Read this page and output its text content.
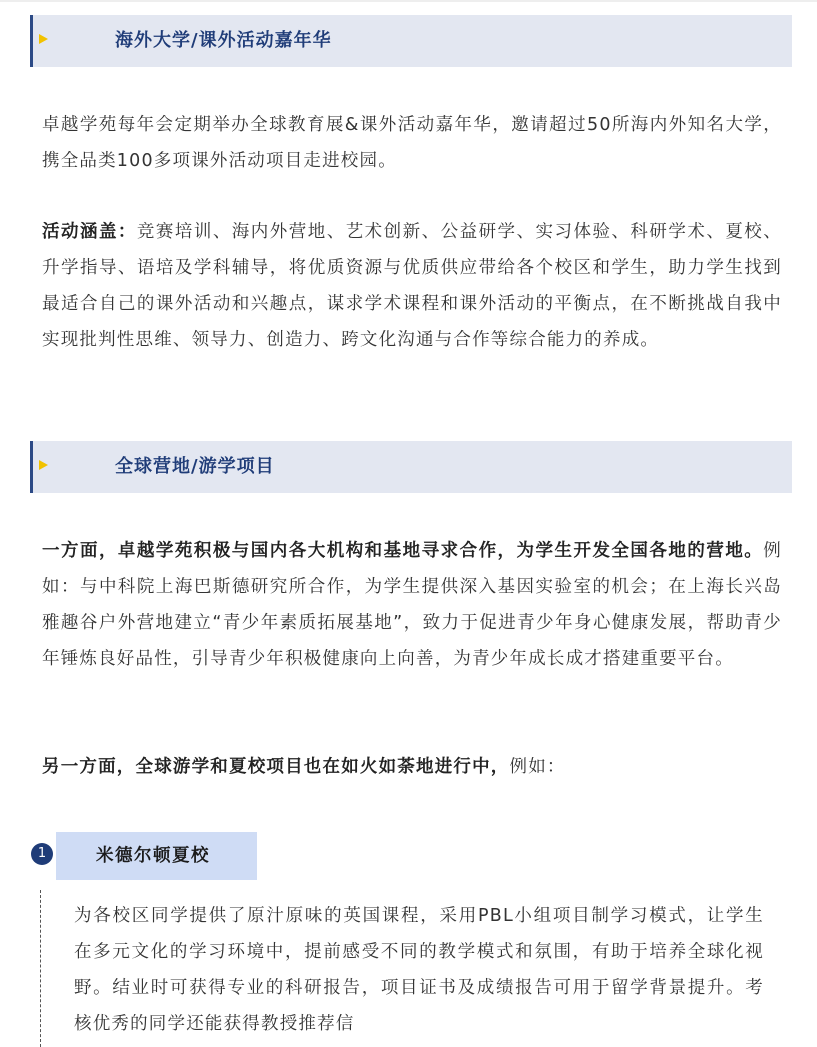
海外大学/课外活动嘉年华

卓越学苑每年会定期举办全球教育展&课外活动嘉年华，邀请超过50所海内外知名大学，携全品类100多项课外活动项目走进校园。

活动涵盖：竞赛培训、海内外营地、艺术创新、公益研学、实习体验、科研学术、夏校、升学指导、语培及学科辅导，将优质资源与优质供应带给各个校区和学生，助力学生找到最适合自己的课外活动和兴趣点，谋求学术课程和课外活动的平衡点，在不断挑战自我中实现批判性思维、领导力、创造力、跨文化沟通与合作等综合能力的养成。

全球营地/游学项目

一方面，卓越学苑积极与国内各大机构和基地寻求合作，为学生开发全国各地的营地。例如：与中科院上海巴斯德研究所合作，为学生提供深入基因实验室的机会；在上海长兴岛雅趣谷户外营地建立“青少年素质拓展基地”，致力于促进青少年身心健康发展，帮助青少年锤炼良好品性，引导青少年积极健康向上向善，为青少年成长成才搭建重要平台。

另一方面，全球游学和夏校项目也在如火如荼地进行中，例如：

1	米德尔顿夏校

为各校区同学提供了原汁原味的英国课程，采用PBL小组项目制学习模式，让学生在多元文化的学习环境中，提前感受不同的教学模式和氛围，有助于培养全球化视野。结业时可获得专业的科研报告，项目证书及成绩报告可用于留学背景提升。考核优秀的同学还能获得教授推荐信
